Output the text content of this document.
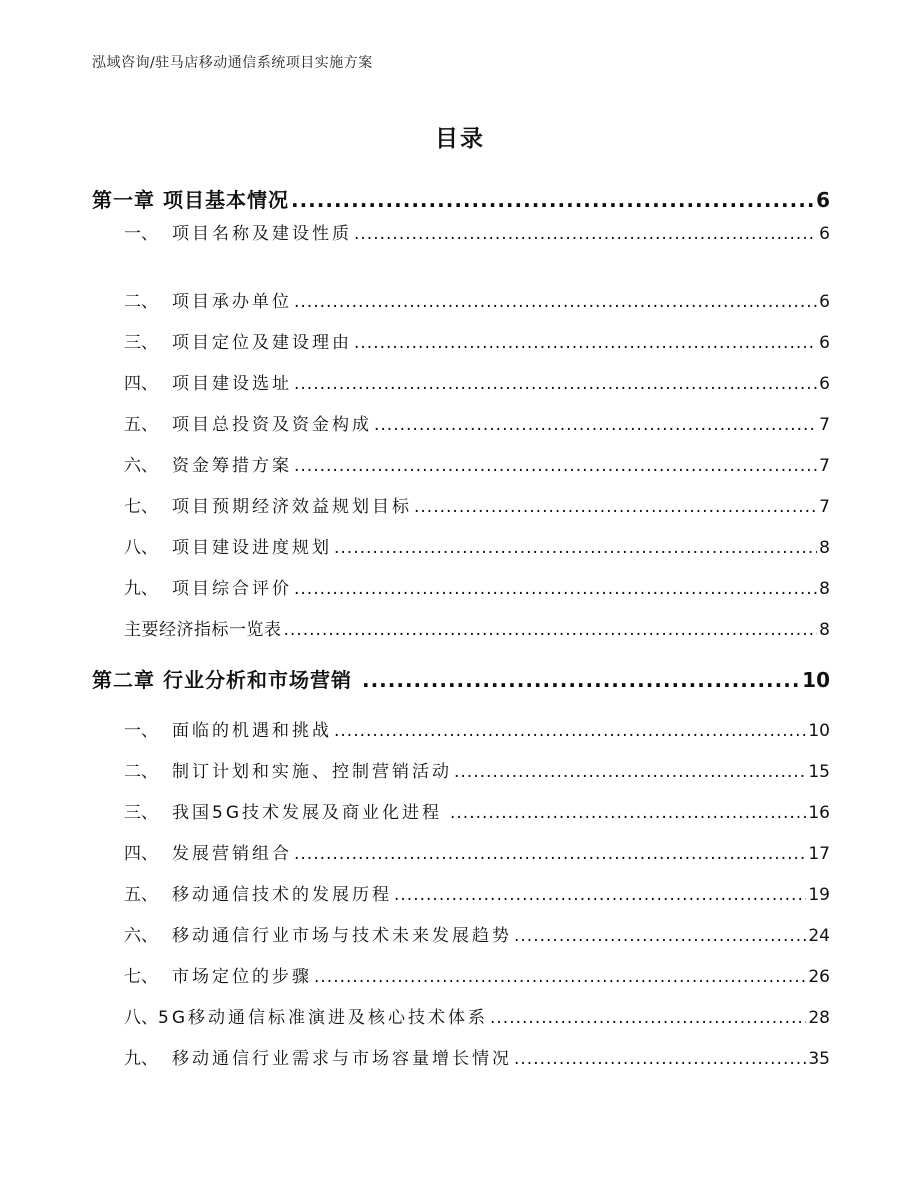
泓域咨询/驻马店移动通信系统项目实施方案
目录
第一章 项目基本情况 .....	6
一、 项目名称及建设性质 .....	6
二、 项目承办单位 .....	6
三、 项目定位及建设理由 .....	6
四、 项目建设选址 .....	6
五、 项目总投资及资金构成 .....	7
六、 资金筹措方案 .....	7
七、 项目预期经济效益规划目标 .....	7
八、 项目建设进度规划 .....	8
九、 项目综合评价 .....	8
主要经济指标一览表 .....	8
第二章 行业分析和市场营销 .....	10
一、 面临的机遇和挑战 .....	10
二、 制订计划和实施、控制营销活动 .....	15
三、 我国5G技术发展及商业化进程 .....	16
四、 发展营销组合 .....	17
五、 移动通信技术的发展历程 .....	19
六、 移动通信行业市场与技术未来发展趋势 .....	24
七、 市场定位的步骤 .....	26
八、5G移动通信标准演进及核心技术体系 .....	28
九、 移动通信行业需求与市场容量增长情况 .....	35
